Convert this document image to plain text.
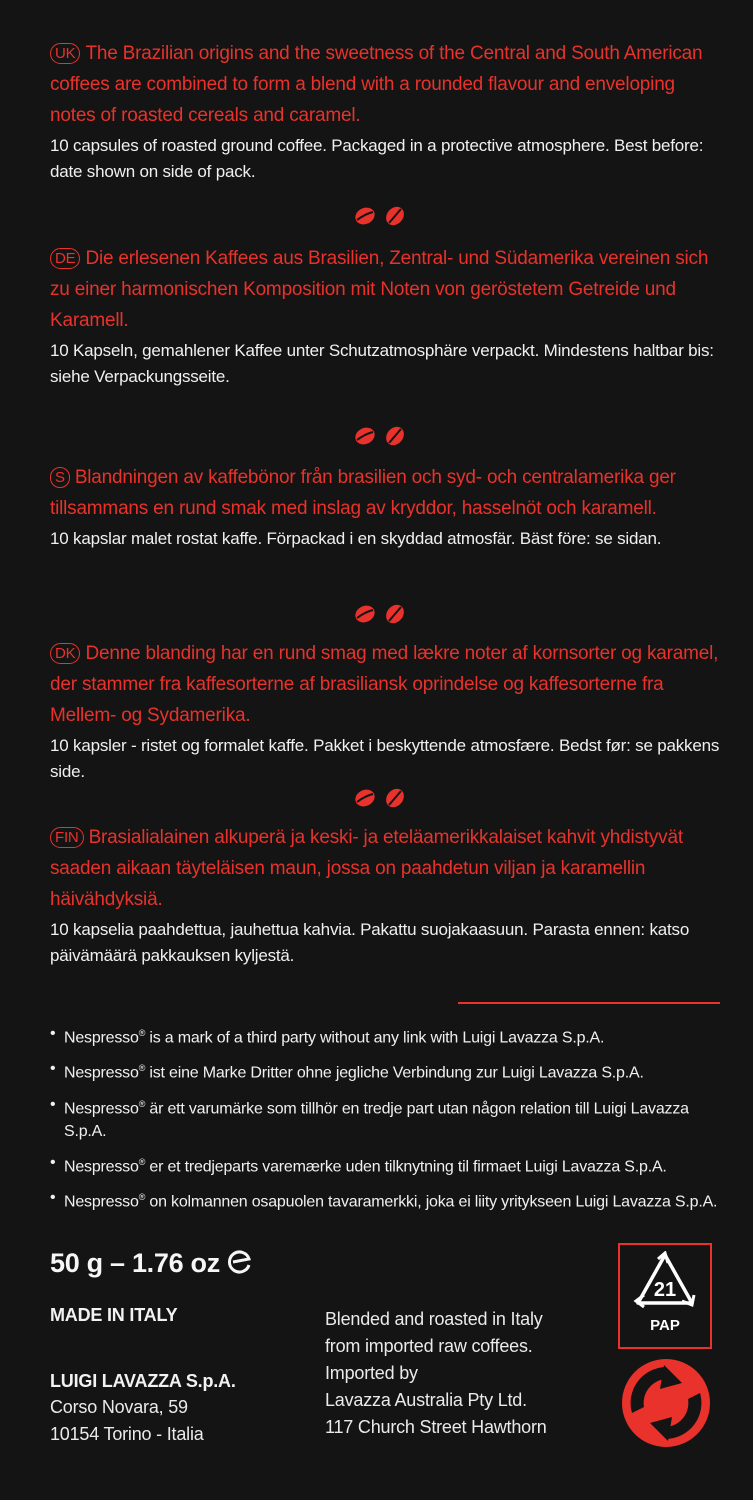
UK The Brazilian origins and the sweetness of the Central and South American coffees are combined to form a blend with a rounded flavour and enveloping notes of roasted cereals and caramel.

10 capsules of roasted ground coffee. Packaged in a protective atmosphere. Best before: date shown on side of pack.

DE Die erlesenen Kaffees aus Brasilien, Zentral- und Südamerika vereinen sich zu einer harmonischen Komposition mit Noten von geröstetem Getreide und Karamell.

10 Kapseln, gemahlener Kaffee unter Schutzatmosphäre verpackt. Mindestens haltbar bis: siehe Verpackungsseite.

S Blandningen av kaffebönor från brasilien och syd- och centralamerika ger tillsammans en rund smak med inslag av kryddor, hasselnöt och karamell.

10 kapslar malet rostat kaffe. Förpackad i en skyddad atmosfär. Bäst före: se sidan.

DK Denne blanding har en rund smag med lækre noter af kornsorter og karamel, der stammer fra kaffesorterne af brasiliansk oprindelse og kaffesorterne fra Mellem- og Sydamerika.

10 kapsler - ristet og formalet kaffe. Pakket i beskyttende atmosfære. Bedst før: se pakkens side.

FIN Brasialialainen alkuperä ja keski- ja eteläamerikkalaiset kahvit yhdistyvät saaden aikaan täyteläisen maun, jossa on paahdetun viljan ja karamellin häivähdyksiä.

10 kapselia paahdettua, jauhettua kahvia. Pakattu suojakaasuun. Parasta ennen: katso päivämäärä pakkauksen kyljestä.

• Nespresso® is a mark of a third party without any link with Luigi Lavazza S.p.A.
• Nespresso® ist eine Marke Dritter ohne jegliche Verbindung zur Luigi Lavazza S.p.A.
• Nespresso® är ett varumärke som tillhör en tredje part utan någon relation till Luigi Lavazza S.p.A.
• Nespresso® er et tredjeparts varemærke uden tilknytning til firmaet Luigi Lavazza S.p.A.
• Nespresso® on kolmannen osapuolen tavaramerkki, joka ei liity yritykseen Luigi Lavazza S.p.A.
50 g – 1.76 oz

MADE IN ITALY

LUIGI LAVAZZA S.p.A.

Corso Novara, 59

10154 Torino - Italia

Blended and roasted in Italy

from imported raw coffees.

Imported by

Lavazza Australia Pty Ltd.

117 Church Street Hawthorn

21
PAP
